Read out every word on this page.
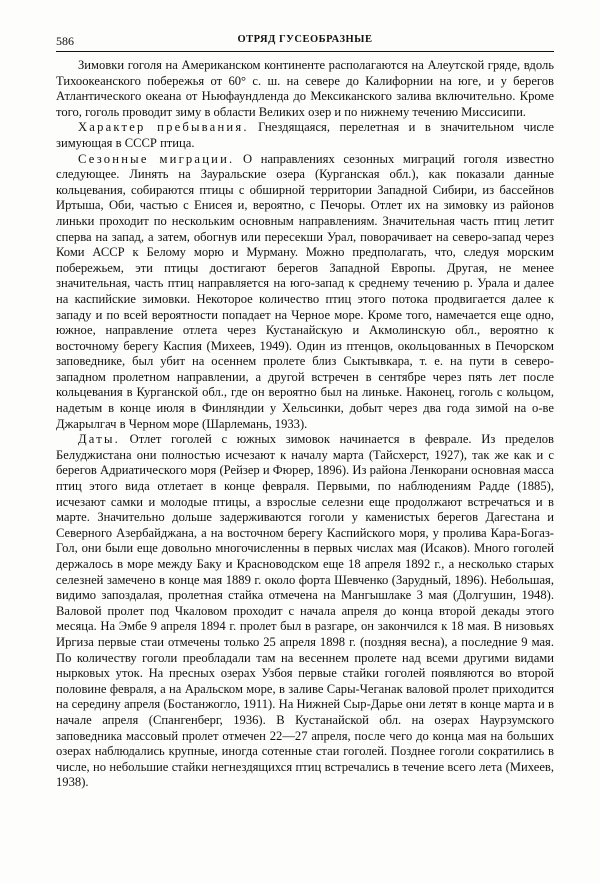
586	ОТРЯД ГУСЕОБРАЗНЫЕ

Зимовки гоголя на Американском континенте располагаются на Алеутской гряде, вдоль Тихоокеанского побережья от 60° с. ш. на севере до Калифорнии на юге, и у берегов Атлантического океана от Ньюфаундленда до Мексиканского залива включительно. Кроме того, гоголь проводит зиму в области Великих озер и по нижнему течению Миссисипи.

Характер пребывания. Гнездящаяся, перелетная и в значительном числе зимующая в СССР птица.

Сезонные миграции. О направлениях сезонных миграций гоголя известно следующее. Линять на Зауральские озера (Курганская обл.), как показали данные кольцевания, собираются птицы с обширной территории Западной Сибири, из бассейнов Иртыша, Оби, частью с Енисея и, вероятно, с Печоры. Отлет их на зимовку из районов линьки проходит по нескольким основным направлениям. Значительная часть птиц летит сперва на запад, а затем, обогнув или пересекши Урал, поворачивает на северо-запад через Коми АССР к Белому морю и Мурману. Можно предполагать, что, следуя морским побережьем, эти птицы достигают берегов Западной Европы. Другая, не менее значительная, часть птиц направляется на юго-запад к среднему течению р. Урала и далее на каспийские зимовки. Некоторое количество птиц этого потока продвигается далее к западу и по всей вероятности попадает на Черное море. Кроме того, намечается еще одно, южное, направление отлета через Кустанайскую и Акмолинскую обл., вероятно к восточному берегу Каспия (Михеев, 1949). Один из птенцов, окольцованных в Печорском заповеднике, был убит на осеннем пролете близ Сыктывкара, т. е. на пути в северо-западном пролетном направлении, а другой встречен в сентябре через пять лет после кольцевания в Курганской обл., где он вероятно был на линьке. Наконец, гоголь с кольцом, надетым в конце июля в Финляндии у Хельсинки, добыт через два года зимой на о-ве Джарылгач в Черном море (Шарлемань, 1933).

Даты. Отлет гоголей с южных зимовок начинается в феврале. Из пределов Белуджистана они полностью исчезают к началу марта (Тайсхерст, 1927), так же как и с берегов Адриатического моря (Рейзер и Фюрер, 1896). Из района Ленкорани основная масса птиц этого вида отлетает в конце февраля. Первыми, по наблюдениям Радде (1885), исчезают самки и молодые птицы, а взрослые селезни еще продолжают встречаться и в марте. Значительно дольше задерживаются гоголи у каменистых берегов Дагестана и Северного Азербайджана, а на восточном берегу Каспийского моря, у пролива Кара-Богаз-Гол, они были еще довольно многочисленны в первых числах мая (Исаков). Много гоголей держалось в море между Баку и Красноводском еще 18 апреля 1892 г., а несколько старых селезней замечено в конце мая 1889 г. около форта Шевченко (Зарудный, 1896). Небольшая, видимо запоздалая, пролетная стайка отмечена на Мангышлаке 3 мая (Долгушин, 1948). Валовой пролет под Чкаловом проходит с начала апреля до конца второй декады этого месяца. На Эмбе 9 апреля 1894 г. пролет был в разгаре, он закончился к 18 мая. В низовьях Иргиза первые стаи отмечены только 25 апреля 1898 г. (поздняя весна), а последние 9 мая. По количеству гоголи преобладали там на весеннем пролете над всеми другими видами нырковых уток. На пресных озерах Узбоя первые стайки гоголей появляются во второй половине февраля, а на Аральском море, в заливе Сары-Чеганак валовой пролет приходится на середину апреля (Бостанжогло, 1911). На Нижней Сыр-Дарье они летят в конце марта и в начале апреля (Спангенберг, 1936). В Кустанайской обл. на озерах Наурзумского заповедника массовый пролет отмечен 22—27 апреля, после чего до конца мая на больших озерах наблюдались крупные, иногда сотенные стаи гоголей. Позднее гоголи сократились в числе, но небольшие стайки негнездящихся птиц встречались в течение всего лета (Михеев, 1938).
